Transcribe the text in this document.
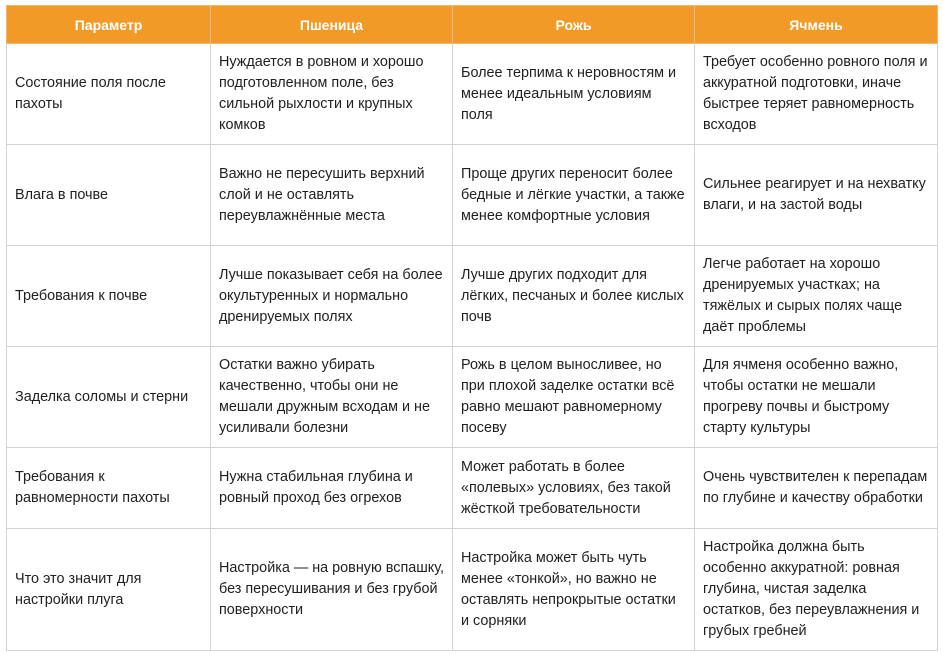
Параметр	Пшеница	Рожь	Ячмень
Состояние поля после пахоты	Нуждается в ровном и хорошо подготовленном поле, без сильной рыхлости и крупных комков	Более терпима к неровностям и менее идеальным условиям поля	Требует особенно ровного поля и аккуратной подготовки, иначе быстрее теряет равномерность всходов
Влага в почве	Важно не пересушить верхний слой и не оставлять переувлажнённые места	Проще других переносит более бедные и лёгкие участки, а также менее комфортные условия	Сильнее реагирует и на нехватку влаги, и на застой воды
Требования к почве	Лучше показывает себя на более окультуренных и нормально дренируемых полях	Лучше других подходит для лёгких, песчаных и более кислых почв	Легче работает на хорошо дренируемых участках; на тяжёлых и сырых полях чаще даёт проблемы
Заделка соломы и стерни	Остатки важно убирать качественно, чтобы они не мешали дружным всходам и не усиливали болезни	Рожь в целом выносливее, но при плохой заделке остатки всё равно мешают равномерному посеву	Для ячменя особенно важно, чтобы остатки не мешали прогреву почвы и быстрому старту культуры
Требования к равномерности пахоты	Нужна стабильная глубина и ровный проход без огрехов	Может работать в более «полевых» условиях, без такой жёсткой требовательности	Очень чувствителен к перепадам по глубине и качеству обработки
Что это значит для настройки плуга	Настройка — на ровную вспашку, без пересушивания и без грубой поверхности	Настройка может быть чуть менее «тонкой», но важно не оставлять непрокрытые остатки и сорняки	Настройка должна быть особенно аккуратной: ровная глубина, чистая заделка остатков, без переувлажнения и грубых гребней
